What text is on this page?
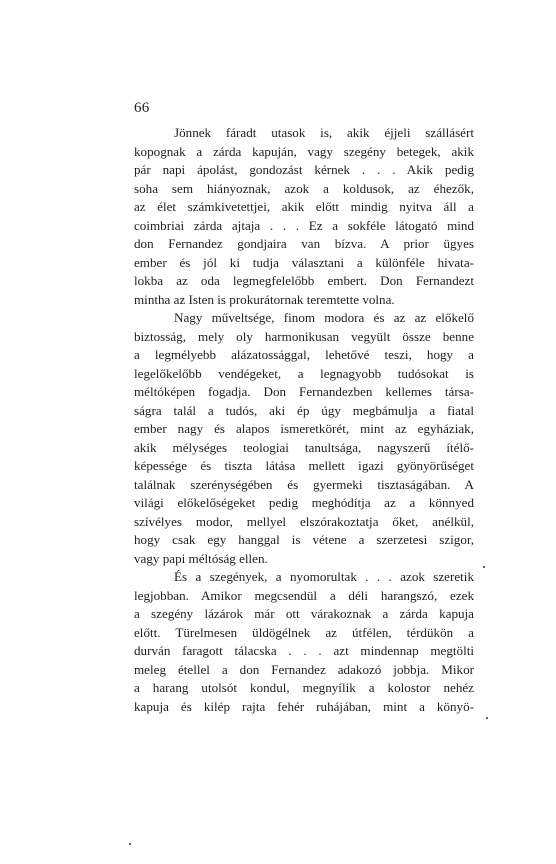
66
Jönnek fáradt utasok is, akik éjjeli szállásért
kopognak a zárda kapuján, vagy szegény betegek, akik
pár napi ápolást, gondozást kérnek . . . Akik pedig
soha sem hiányoznak, azok a koldusok, az éhezők,
az élet számkivetettjei, akik előtt mindig nyitva áll a
coimbriai zárda ajtaja . . . Ez a sokféle látogató mind
don Fernandez gondjaira van bízva. A prior ügyes
ember és jól ki tudja választani a különféle hivata-
lokba az oda legmegfelelőbb embert. Don Fernandezt
mintha az Isten is prokurátornak teremtette volna.
Nagy műveltsége, finom modora és az az előkelő
biztosság, mely oly harmonikusan vegyült össze benne
a legmélyebb alázatossággal, lehetővé teszi, hogy a
legelőkelőbb vendégeket, a legnagyobb tudósokat is
méltóképen fogadja. Don Fernandezben kellemes társa-
ságra talál a tudós, aki ép úgy megbámulja a fiatal
ember nagy és alapos ismeretkörét, mint az egyháziak,
akik mélységes teologiai tanultsága, nagyszerű ítélő-
képessége és tiszta látása mellett igazi gyönyörűséget
találnak szerénységében és gyermeki tisztaságában. A
világi előkelőségeket pedig meghódítja az a könnyed
szívélyes modor, mellyel elszórakoztatja őket, anélkül,
hogy csak egy hanggal is vétene a szerzetesi szigor,
vagy papi méltóság ellen.
És a szegények, a nyomorultak . . . azok szeretik
legjobban. Amikor megcsendül a déli harangszó, ezek
a szegény lázárok már ott várakoznak a zárda kapuja
előtt. Türelmesen üldögélnek az útfélen, térdükön a
durván faragott tálacska . . . azt mindennap megtölti
meleg étellel a don Fernandez adakozó jobbja. Mikor
a harang utolsót kondul, megnyílik a kolostor nehéz
kapuja és kilép rajta fehér ruhájában, mint a könyö-
